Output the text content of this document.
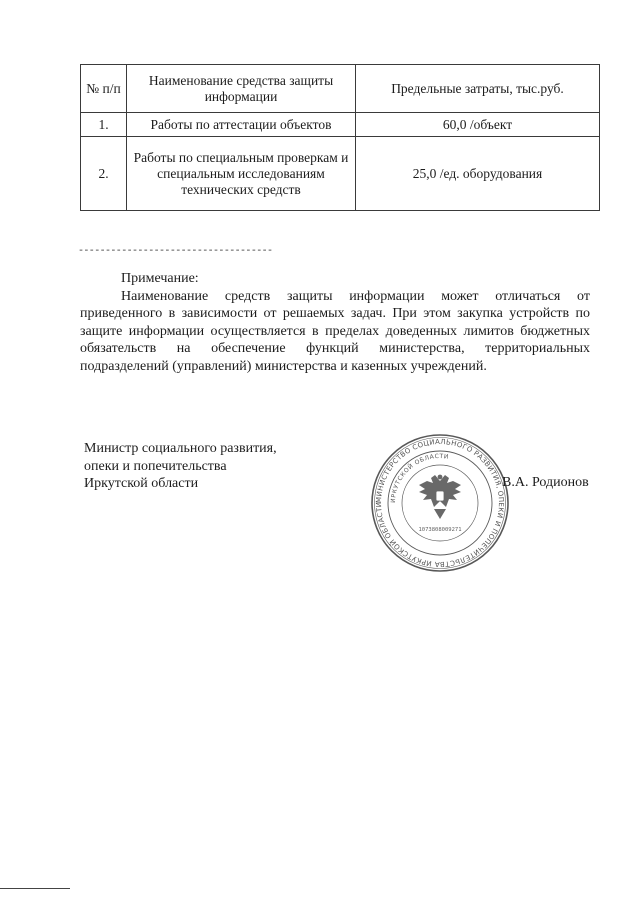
№ п/п	Наименование средства защиты информации	Предельные затраты, тыс.руб.
1.	Работы по аттестации объектов	60,0 /объект
2.	Работы по специальным проверкам и специальным исследованиям технических средств	25,0 /ед. оборудования
------------------------------------
Примечание:

Наименование средств защиты информации может отличаться от приведенного в зависимости от решаемых задач. При этом закупка устройств по защите информации осуществляется в пределах доведенных лимитов бюджетных обязательств на обеспечение функций министерства, территориальных подразделений (управлений) министерства и казенных учреждений.

Министр социального развития,
опеки и попечительства
Иркутской области
МИНИСТЕРСТВО СОЦИАЛЬНОГО РАЗВИТИЯ, ОПЕКИ И ПОПЕЧИТЕЛЬСТВА ИРКУТСКОЙ ОБЛАСТИ
ИРКУТСКОЙ ОБЛАСТИ
1073808009271
В.А. Родионов
